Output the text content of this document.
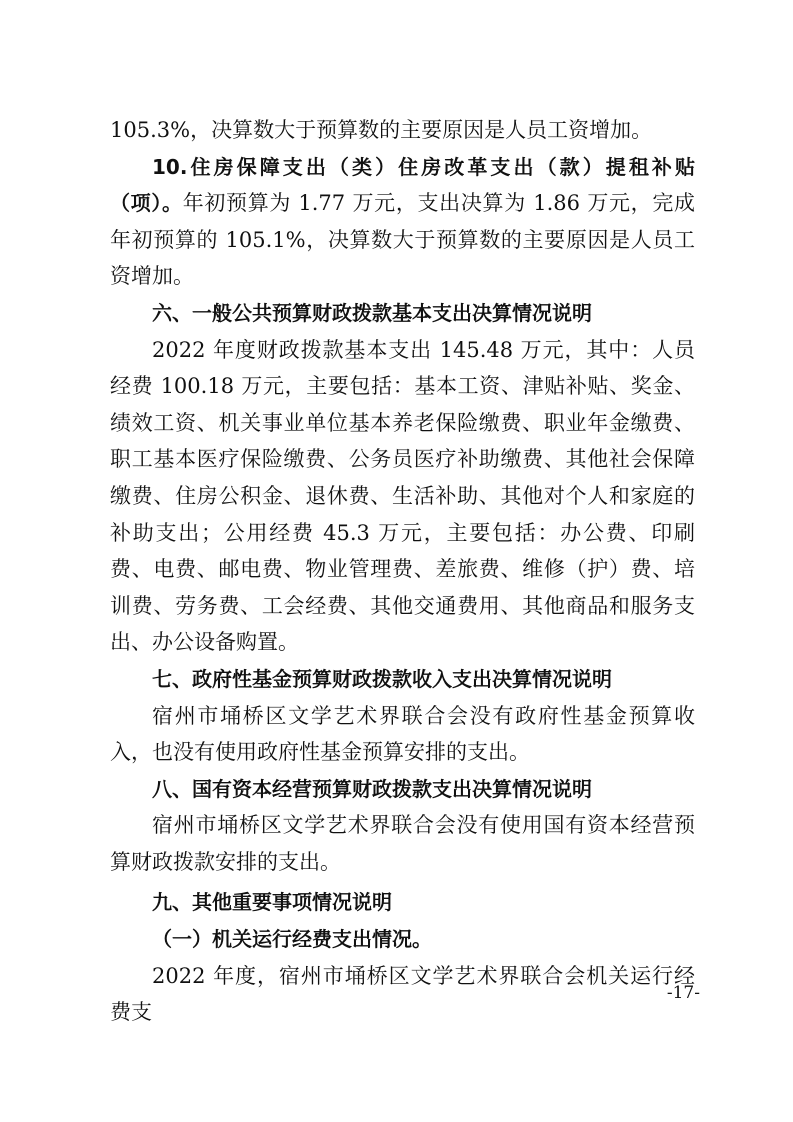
105.3%，决算数大于预算数的主要原因是人员工资增加。

10.住房保障支出（类）住房改革支出（款）提租补贴（项）。年初预算为 1.77 万元，支出决算为 1.86 万元，完成年初预算的 105.1%，决算数大于预算数的主要原因是人员工资增加。

六、一般公共预算财政拨款基本支出决算情况说明

2022 年度财政拨款基本支出 145.48 万元，其中：人员经费 100.18 万元，主要包括：基本工资、津贴补贴、奖金、绩效工资、机关事业单位基本养老保险缴费、职业年金缴费、职工基本医疗保险缴费、公务员医疗补助缴费、其他社会保障缴费、住房公积金、退休费、生活补助、其他对个人和家庭的补助支出；公用经费 45.3 万元，主要包括：办公费、印刷费、电费、邮电费、物业管理费、差旅费、维修（护）费、培训费、劳务费、工会经费、其他交通费用、其他商品和服务支出、办公设备购置。

七、政府性基金预算财政拨款收入支出决算情况说明

宿州市埇桥区文学艺术界联合会没有政府性基金预算收入，也没有使用政府性基金预算安排的支出。

八、国有资本经营预算财政拨款支出决算情况说明

宿州市埇桥区文学艺术界联合会没有使用国有资本经营预算财政拨款安排的支出。

九、其他重要事项情况说明

（一）机关运行经费支出情况。

2022 年度，宿州市埇桥区文学艺术界联合会机关运行经费支

-17-
